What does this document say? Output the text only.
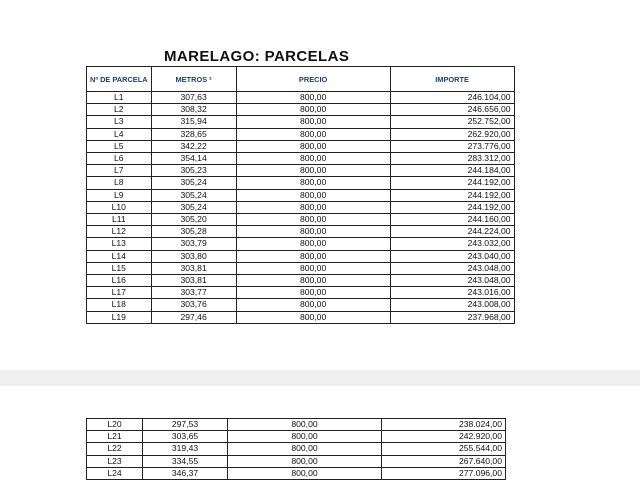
MARELAGO: PARCELAS
Nº DE PARCELA	METROS ²	PRECIO	IMPORTE
L1	307,63	800,00	246.104,00
L2	308,32	800,00	246.656,00
L3	315,94	800,00	252.752,00
L4	328,65	800,00	262.920,00
L5	342,22	800,00	273.776,00
L6	354,14	800,00	283.312,00
L7	305,23	800,00	244.184,00
L8	305,24	800,00	244.192,00
L9	305,24	800,00	244.192,00
L10	305,24	800,00	244.192,00
L11	305,20	800,00	244.160,00
L12	305,28	800,00	244.224,00
L13	303,79	800,00	243.032,00
L14	303,80	800,00	243.040,00
L15	303,81	800,00	243.048,00
L16	303,81	800,00	243.048,00
L17	303,77	800,00	243.016,00
L18	303,76	800,00	243.008,00
L19	297,46	800,00	237.968,00
L20	297,53	800,00	238.024,00
L21	303,65	800,00	242.920,00
L22	319,43	800,00	255.544,00
L23	334,55	800,00	267.640,00
L24	346,37	800,00	277.096,00
